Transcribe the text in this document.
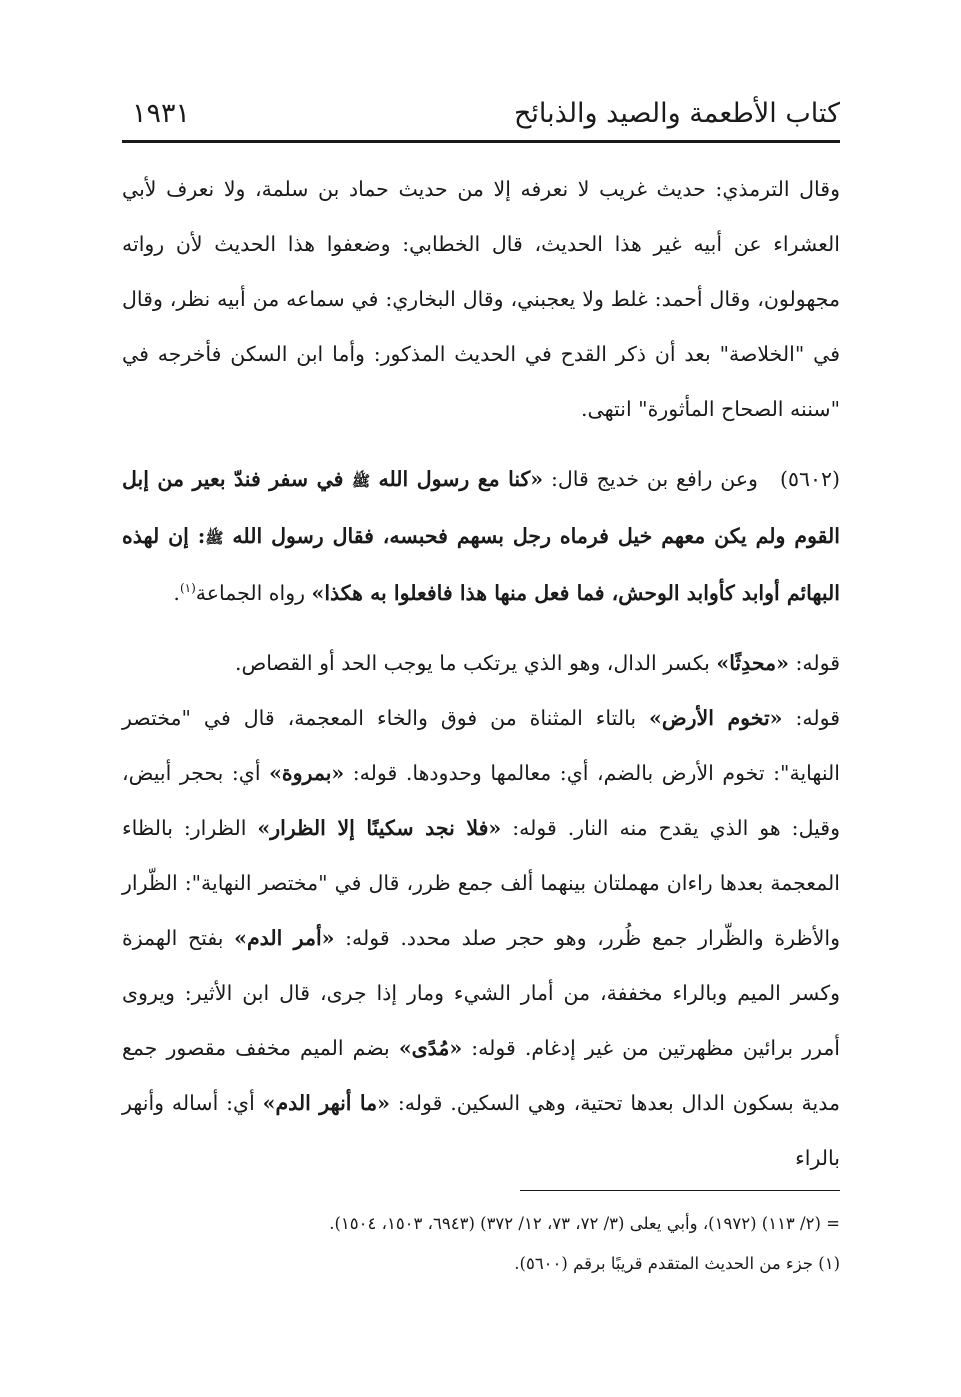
كتاب الأطعمة والصيد والذبائح
١٩٣١

وقال الترمذي: حديث غريب لا نعرفه إلا من حديث حماد بن سلمة، ولا نعرف لأبي العشراء عن أبيه غير هذا الحديث، قال الخطابي: وضعفوا هذا الحديث لأن رواته مجهولون، وقال أحمد: غلط ولا يعجبني، وقال البخاري: في سماعه من أبيه نظر، وقال في "الخلاصة" بعد أن ذكر القدح في الحديث المذكور: وأما ابن السكن فأخرجه في "سننه الصحاح المأثورة" انتهى.

(٥٦٠٢)وعن رافع بن خديج قال: «كنا مع رسول الله ﷺ في سفر فندّ بعير من إبل القوم ولم يكن معهم خيل فرماه رجل بسهم فحبسه، فقال رسول الله ﷺ: إن لهذه البهائم أوابد كأوابد الوحش، فما فعل منها هذا فافعلوا به هكذا» رواه الجماعة$^{(١)}$.

قوله: «محدِثًا» بكسر الدال، وهو الذي يرتكب ما يوجب الحد أو القصاص.

قوله: «تخوم الأرض» بالتاء المثناة من فوق والخاء المعجمة، قال في "مختصر النهاية": تخوم الأرض بالضم، أي: معالمها وحدودها. قوله: «بمروة» أي: بحجر أبيض، وقيل: هو الذي يقدح منه النار. قوله: «فلا نجد سكينًا إلا الظرار» الظرار: بالظاء المعجمة بعدها راءان مهملتان بينهما ألف جمع ظرر، قال في "مختصر النهاية": الظّرار والأظرة والظّرار جمع ظُرر، وهو حجر صلد محدد. قوله: «أمر الدم» بفتح الهمزة وكسر الميم وبالراء مخففة، من أمار الشيء ومار إذا جرى، قال ابن الأثير: ويروى أمرر برائين مظهرتين من غير إدغام. قوله: «مُدًى» بضم الميم مخفف مقصور جمع مدية بسكون الدال بعدها تحتية، وهي السكين. قوله: «ما أنهر الدم» أي: أساله وأنهر بالراء

= (٢/ ١١٣) (١٩٧٢)، وأبي يعلى (٣/ ٧٢، ٧٣، ١٢/ ٣٧٢) (٦٩٤٣، ١٥٠٣، ١٥٠٤).

(١) جزء من الحديث المتقدم قريبًا برقم (٥٦٠٠).
